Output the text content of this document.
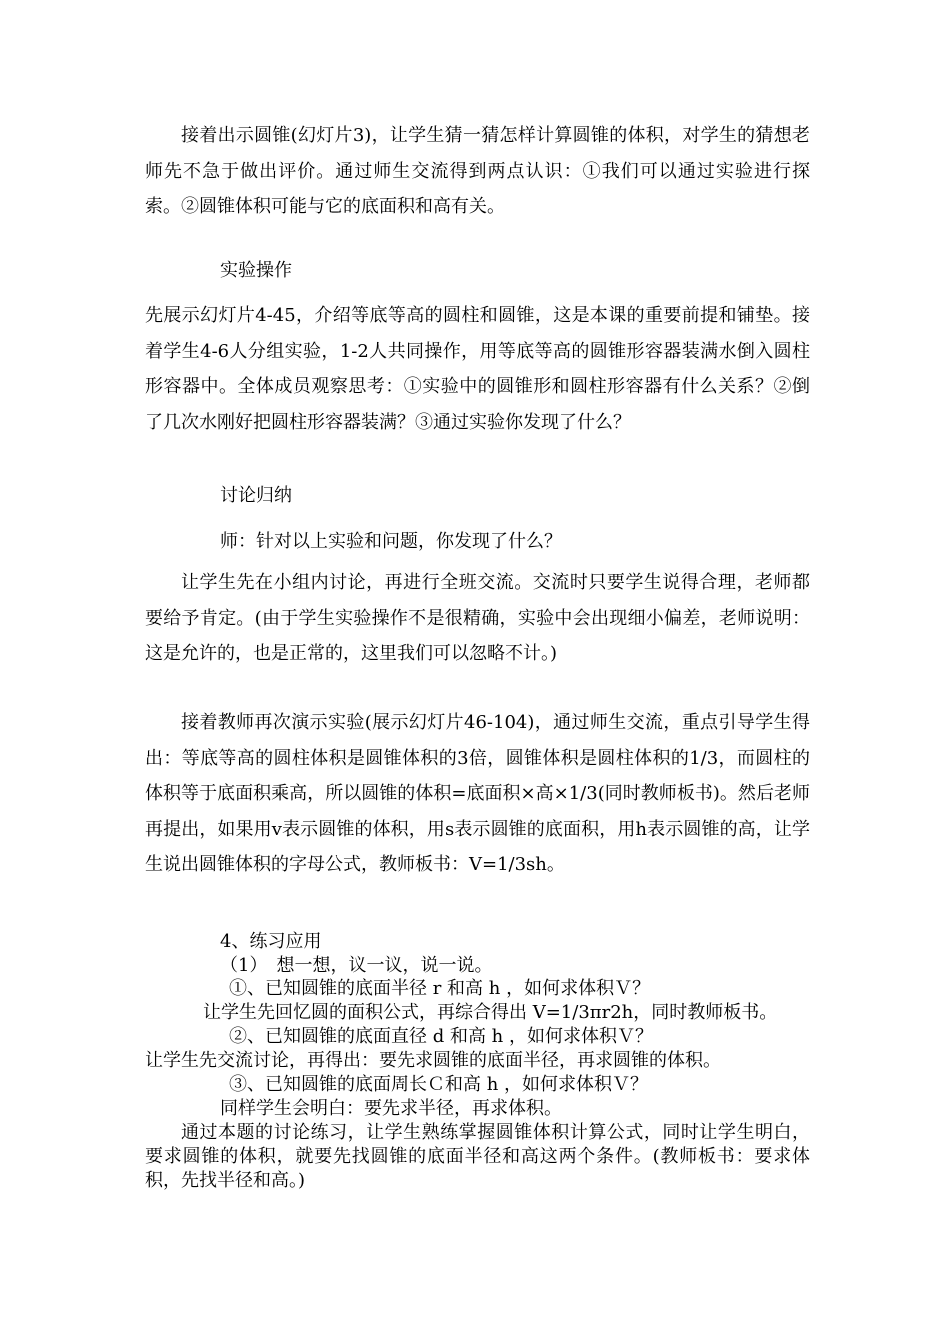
接着出示圆锥(幻灯片3)，让学生猜一猜怎样计算圆锥的体积，对学生的猜想老师先不急于做出评价。通过师生交流得到两点认识：①我们可以通过实验进行探索。②圆锥体积可能与它的底面积和高有关。
实验操作
先展示幻灯片4-45，介绍等底等高的圆柱和圆锥，这是本课的重要前提和铺垫。接着学生4-6人分组实验，1-2人共同操作，用等底等高的圆锥形容器装满水倒入圆柱形容器中。全体成员观察思考：①实验中的圆锥形和圆柱形容器有什么关系？②倒了几次水刚好把圆柱形容器装满？③通过实验你发现了什么？
讨论归纳
师：针对以上实验和问题，你发现了什么？
让学生先在小组内讨论，再进行全班交流。交流时只要学生说得合理，老师都要给予肯定。(由于学生实验操作不是很精确，实验中会出现细小偏差，老师说明：这是允许的，也是正常的，这里我们可以忽略不计。)
接着教师再次演示实验(展示幻灯片46-104)，通过师生交流，重点引导学生得出：等底等高的圆柱体积是圆锥体积的3倍，圆锥体积是圆柱体积的1/3，而圆柱的体积等于底面积乘高，所以圆锥的体积=底面积×高×1/3(同时教师板书)。然后老师再提出，如果用v表示圆锥的体积，用s表示圆锥的底面积，用h表示圆锥的高，让学生说出圆锥体积的字母公式，教师板书：V=1/3sh。
4、练习应用
（1）　想一想，议一议，说一说。
①、已知圆锥的底面半径 r 和高 h ，如何求体积Ｖ？
让学生先回忆圆的面积公式，再综合得出 V=1/3πr2h，同时教师板书。
②、已知圆锥的底面直径 d 和高 h ，如何求体积Ｖ？
让学生先交流讨论，再得出：要先求圆锥的底面半径，再求圆锥的体积。
③、已知圆锥的底面周长Ｃ和高 h ，如何求体积Ｖ？
同样学生会明白：要先求半径，再求体积。
通过本题的讨论练习，让学生熟练掌握圆锥体积计算公式，同时让学生明白，要求圆锥的体积，就要先找圆锥的底面半径和高这两个条件。(教师板书：要求体积，先找半径和高。)
